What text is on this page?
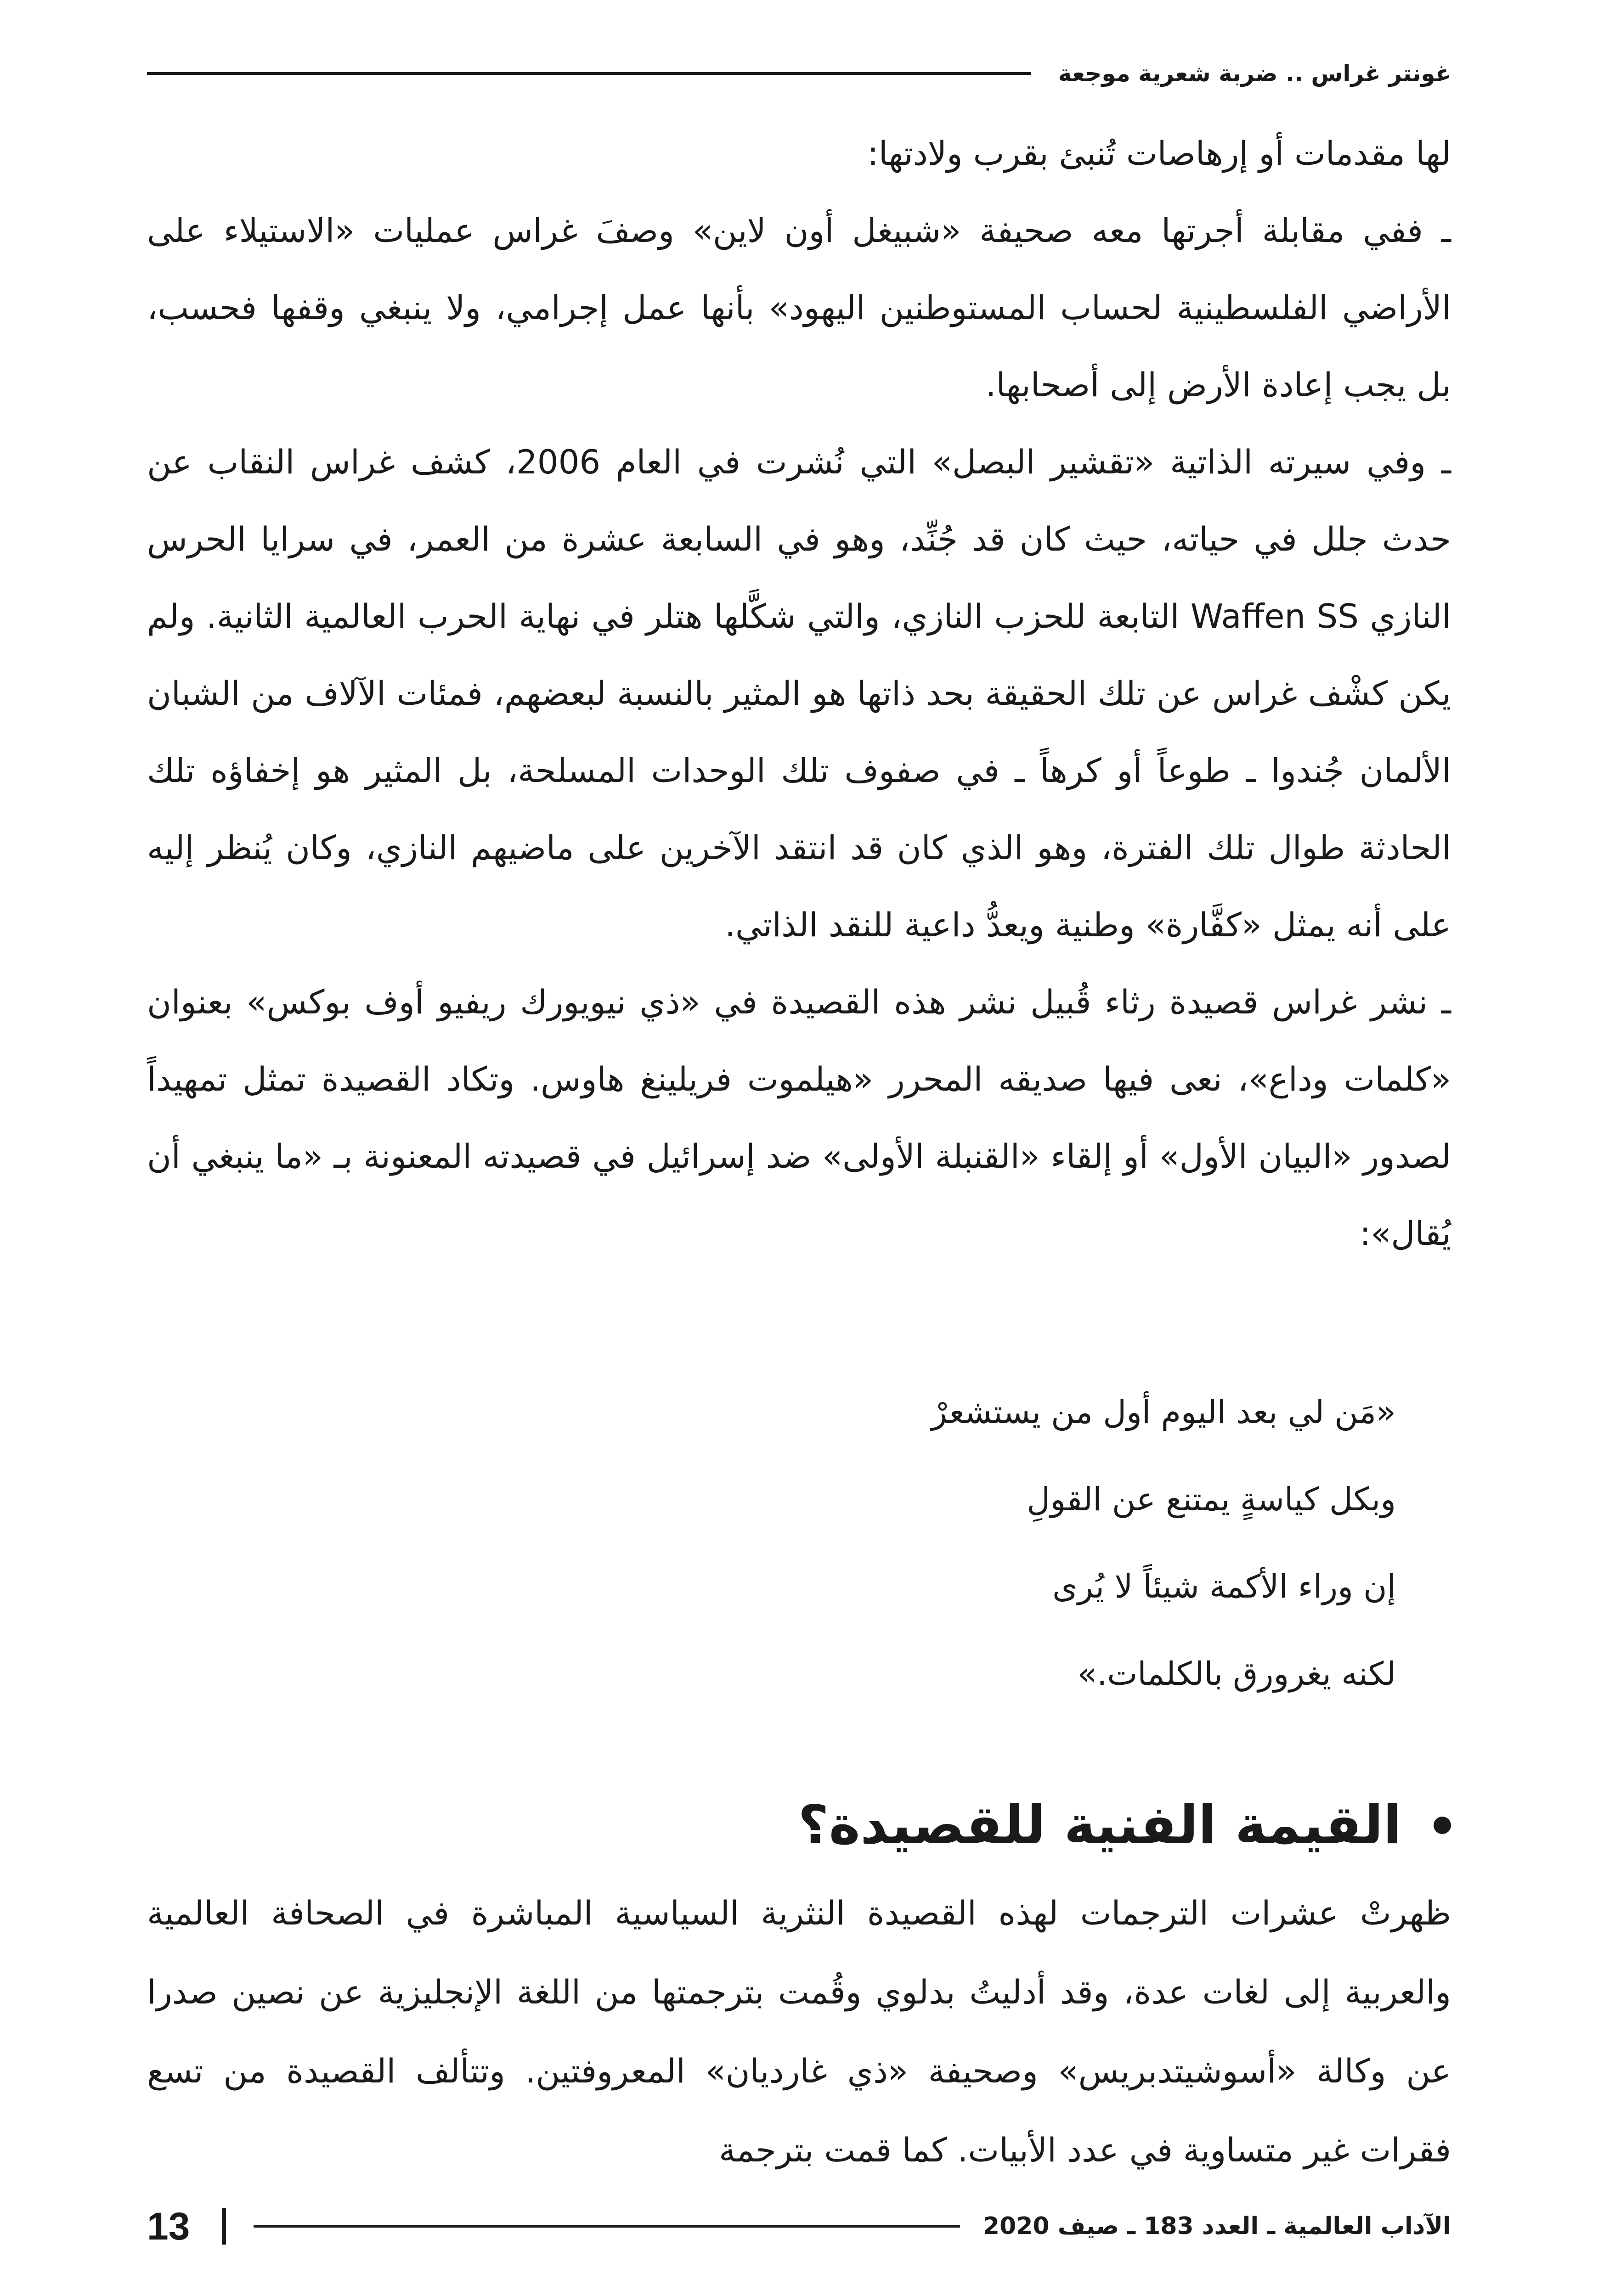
غونتر غراس .. ضربة شعرية موجعة

لها مقدمات أو إرهاصات تُنبئ بقرب ولادتها:

ـ ففي مقابلة أجرتها معه صحيفة «شبيغل أون لاين» وصفَ غراس عمليات «الاستيلاء على الأراضي الفلسطينية لحساب المستوطنين اليهود» بأنها عمل إجرامي، ولا ينبغي وقفها فحسب، بل يجب إعادة الأرض إلى أصحابها.

ـ وفي سيرته الذاتية «تقشير البصل» التي نُشرت في العام 2006، كشف غراس النقاب عن حدث جلل في حياته، حيث كان قد جُنِّد، وهو في السابعة عشرة من العمر، في سرايا الحرس النازي Waffen SS التابعة للحزب النازي، والتي شكَّلها هتلر في نهاية الحرب العالمية الثانية. ولم يكن كشْف غراس عن تلك الحقيقة بحد ذاتها هو المثير بالنسبة لبعضهم، فمئات الآلاف من الشبان الألمان جُندوا ـ طوعاً أو كرهاً ـ في صفوف تلك الوحدات المسلحة، بل المثير هو إخفاؤه تلك الحادثة طوال تلك الفترة، وهو الذي كان قد انتقد الآخرين على ماضيهم النازي، وكان يُنظر إليه على أنه يمثل «كفَّارة» وطنية ويعدُّ داعية للنقد الذاتي.

ـ نشر غراس قصيدة رثاء قُبيل نشر هذه القصيدة في «ذي نيويورك ريفيو أوف بوكس» بعنوان «كلمات وداع»، نعى فيها صديقه المحرر «هيلموت فريلينغ هاوس. وتكاد القصيدة تمثل تمهيداً لصدور «البيان الأول» أو إلقاء «القنبلة الأولى» ضد إسرائيل في قصيدته المعنونة بـ «ما ينبغي أن يُقال»:

«مَن لي بعد اليوم أول من يستشعرْ

وبكل كياسةٍ يمتنع عن القولِ

إن وراء الأكمة شيئاً لا يُرى

لكنه يغرورق بالكلمات.»

القيمة الفنية للقصيدة؟

ظهرتْ عشرات الترجمات لهذه القصيدة النثرية السياسية المباشرة في الصحافة العالمية والعربية إلى لغات عدة، وقد أدليتُ بدلوي وقُمت بترجمتها من اللغة الإنجليزية عن نصين صدرا عن وكالة «أسوشيتدبريس» وصحيفة «ذي غارديان» المعروفتين. وتتألف القصيدة من تسع فقرات غير متساوية في عدد الأبيات. كما قمت بترجمة

الآداب العالمية ـ العدد 183 ـ صيف 2020
13
